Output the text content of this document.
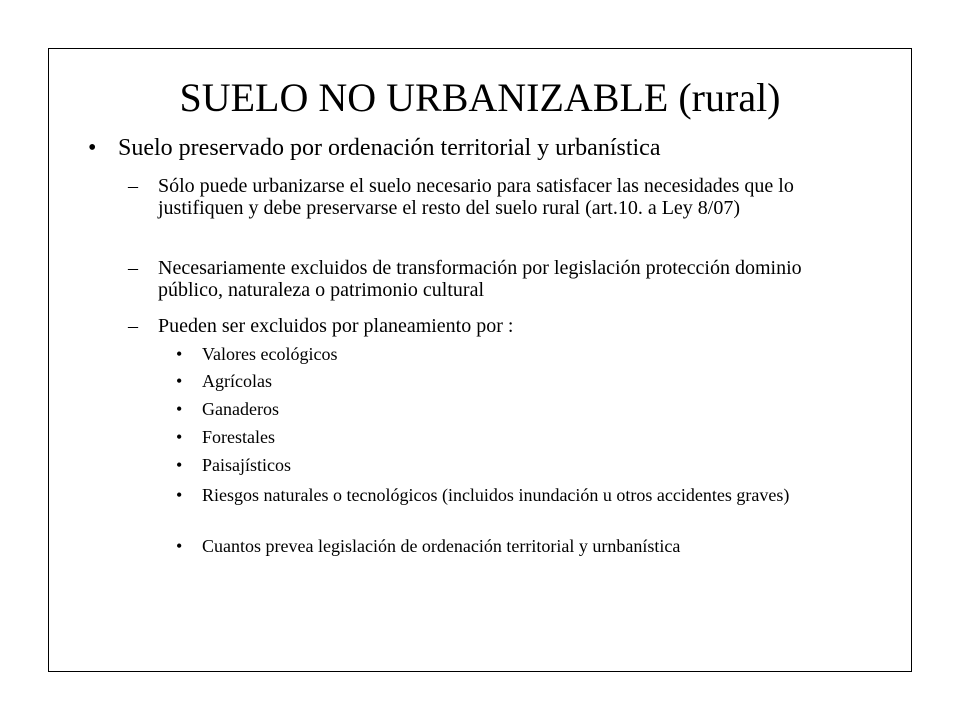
SUELO NO URBANIZABLE (rural)
• Suelo preservado por ordenación territorial y urbanística
– Sólo puede urbanizarse el suelo necesario para satisfacer las necesidades que lo justifiquen y debe preservarse el resto del suelo rural (art.10. a Ley 8/07)
– Necesariamente excluidos de transformación por legislación protección dominio público, naturaleza o patrimonio cultural
– Pueden ser excluidos por planeamiento por :
• Valores ecológicos
• Agrícolas
• Ganaderos
• Forestales
• Paisajísticos
• Riesgos naturales o tecnológicos (incluidos inundación u otros accidentes graves)
• Cuantos prevea legislación de ordenación territorial y urnbanística
